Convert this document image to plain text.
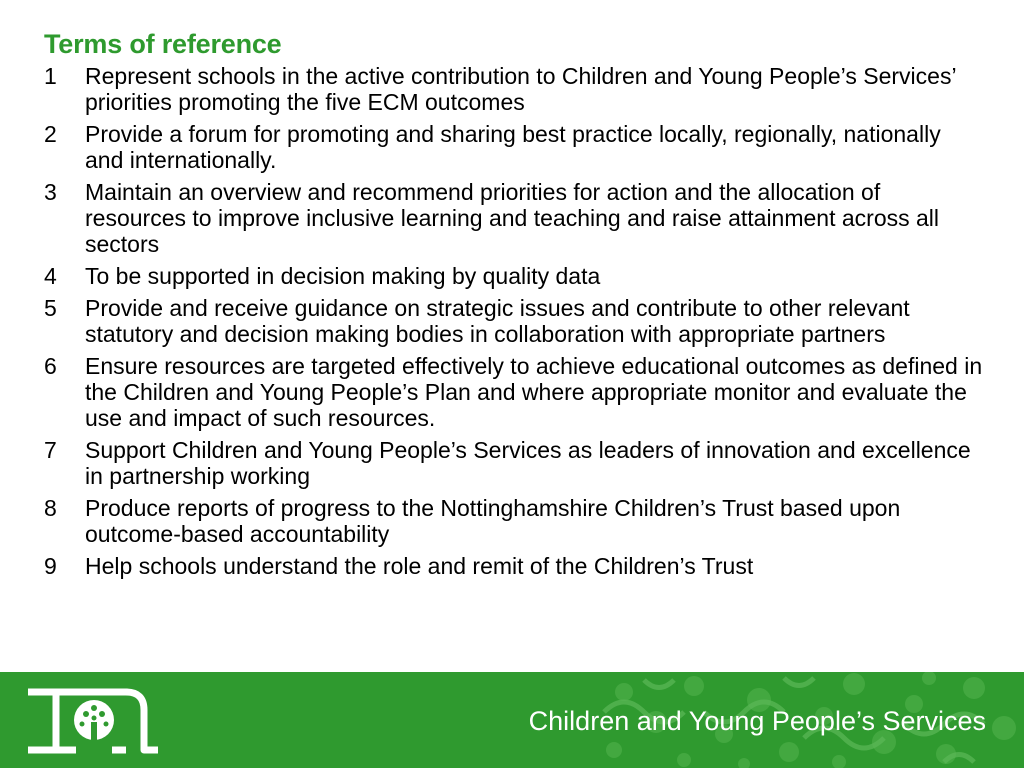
Terms of reference
1	Represent schools in the active contribution to Children and Young People’s Services’ priorities promoting the five ECM outcomes
2	Provide a forum for promoting and sharing best practice locally, regionally, nationally and internationally.
3	Maintain an overview and recommend priorities for action and the allocation of resources to improve inclusive learning and teaching and raise attainment across all sectors
4	To be supported in decision making by quality data
5	Provide and receive guidance on strategic issues and contribute to other relevant statutory and decision making bodies in collaboration with appropriate partners
6	Ensure resources are targeted effectively to achieve educational outcomes as defined in the Children and Young People’s Plan and where appropriate monitor and evaluate the use and impact of such resources.
7	Support Children and Young People’s Services as leaders of innovation and excellence in partnership working
8	Produce reports of progress to the Nottinghamshire Children’s Trust based upon outcome-based accountability
9	Help schools understand the role and remit of the Children’s Trust
Children and Young People’s Services
